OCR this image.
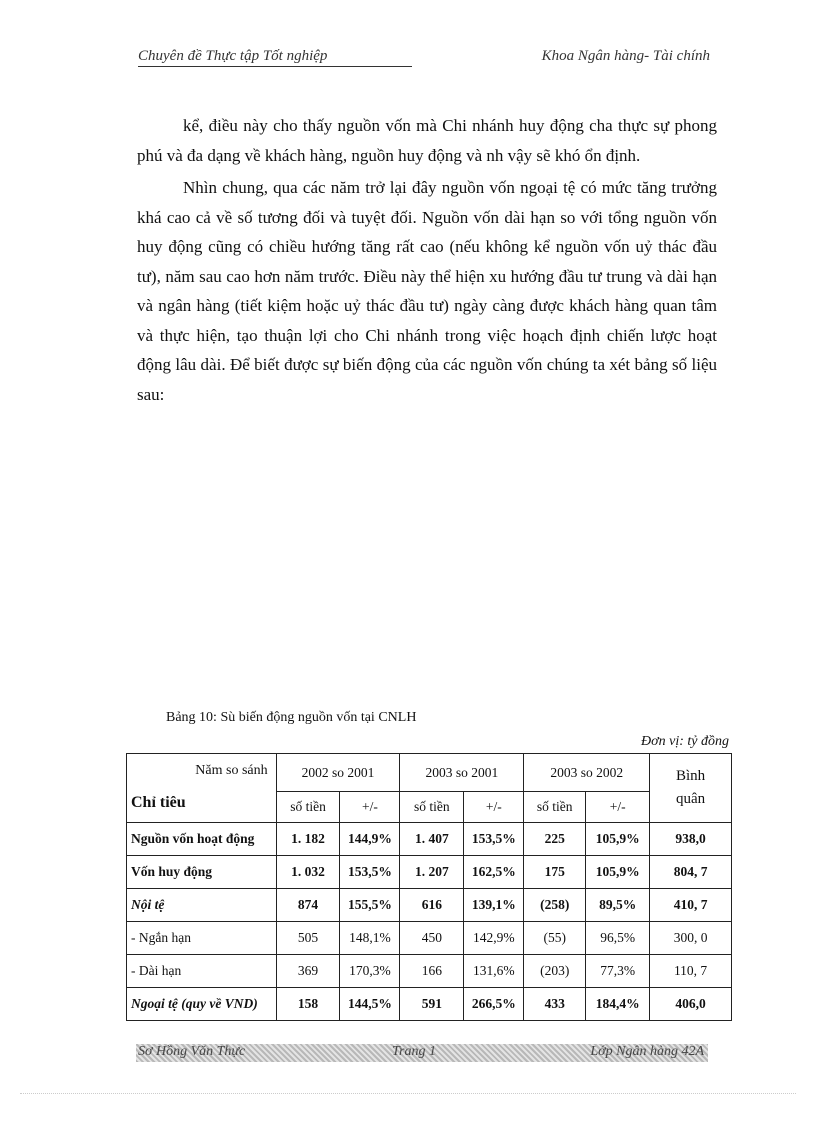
Chuyên đề Thực tập Tốt nghiệp	Khoa Ngân hàng- Tài chính

kể, điều này cho thấy nguồn vốn mà Chi nhánh huy động cha thực sự phong phú và đa dạng về khách hàng, nguồn huy động và nh vậy sẽ khó ổn định.

Nhìn chung, qua các năm trở lại đây nguồn vốn ngoại tệ có mức tăng trưởng khá cao cả về số tương đối và tuyệt đối. Nguồn vốn dài hạn so với tổng nguồn vốn huy động cũng có chiều hướng tăng rất cao (nếu không kể nguồn vốn uỷ thác đầu tư), năm sau cao hơn năm trước. Điều này thể hiện xu hướng đầu tư trung và dài hạn và ngân hàng (tiết kiệm hoặc uỷ thác đầu tư) ngày càng được khách hàng quan tâm và thực hiện, tạo thuận lợi cho Chi nhánh trong việc hoạch định chiến lược hoạt động lâu dài. Để biết được sự biến động của các nguồn vốn chúng ta xét bảng số liệu sau:

Bảng 10: Sù biến động nguồn vốn tại CNLH
Đơn vị: tỷ đồng
Năm so sánh
Chỉ tiêu	2002 so 2001		2003 so 2001		2003 so 2002		Bình
quân
	số tiền	+/-	số tiền	+/-	số tiền	+/-	
Nguồn vốn hoạt động	1. 182	144,9%	1. 407	153,5%	225	105,9%	938,0
Vốn huy động	1. 032	153,5%	1. 207	162,5%	175	105,9%	804, 7
Nội tệ	874	155,5%	616	139,1%	(258)	89,5%	410, 7
- Ngắn hạn	505	148,1%	450	142,9%	(55)	96,5%	300, 0
- Dài hạn	369	170,3%	166	131,6%	(203)	77,3%	110, 7
Ngoại tệ (quy về VND)	158	144,5%	591	266,5%	433	184,4%	406,0
Sơ Hồng Văn Thực	Trang 1	Lớp Ngân hàng 42A
